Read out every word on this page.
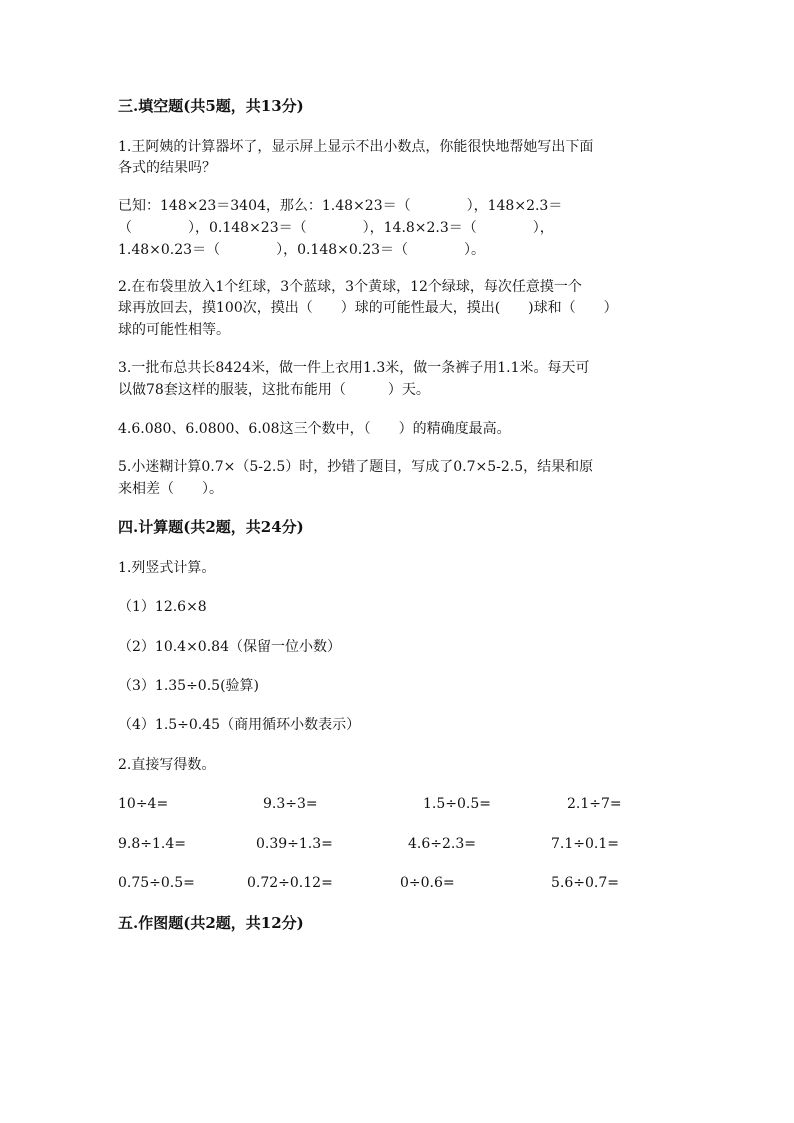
三.填空题(共5题，共13分)
1.王阿姨的计算器坏了，显示屏上显示不出小数点，你能很快地帮她写出下面
各式的结果吗？
已知：148×23＝3404，那么：1.48×23＝（　　　　），148×2.3＝
（　　　　），0.148×23＝（　　　　），14.8×2.3＝（　　　　），
1.48×0.23＝（　　　　），0.148×0.23＝（　　　　）。
2.在布袋里放入1个红球，3个蓝球，3个黄球，12个绿球，每次任意摸一个
球再放回去，摸100次，摸出（　　）球的可能性最大，摸出(　　)球和（　　）
球的可能性相等。
3.一批布总共长8424米，做一件上衣用1.3米，做一条裤子用1.1米。每天可
以做78套这样的服装，这批布能用（　　　）天。
4.6.080、6.0800、6.08这三个数中，（　　）的精确度最高。
5.小迷糊计算0.7×（5-2.5）时，抄错了题目，写成了0.7×5-2.5，结果和原
来相差（　　）。
四.计算题(共2题，共24分)
1.列竖式计算。
（1）12.6×8
（2）10.4×0.84（保留一位小数）
（3）1.35÷0.5(验算)
（4）1.5÷0.45（商用循环小数表示）
2.直接写得数。
10÷4=	9.3÷3=	1.5÷0.5=	2.1÷7=
9.8÷1.4=	0.39÷1.3=	4.6÷2.3=	7.1÷0.1=
0.75÷0.5=	0.72÷0.12=	0÷0.6=	5.6÷0.7=
五.作图题(共2题，共12分)
